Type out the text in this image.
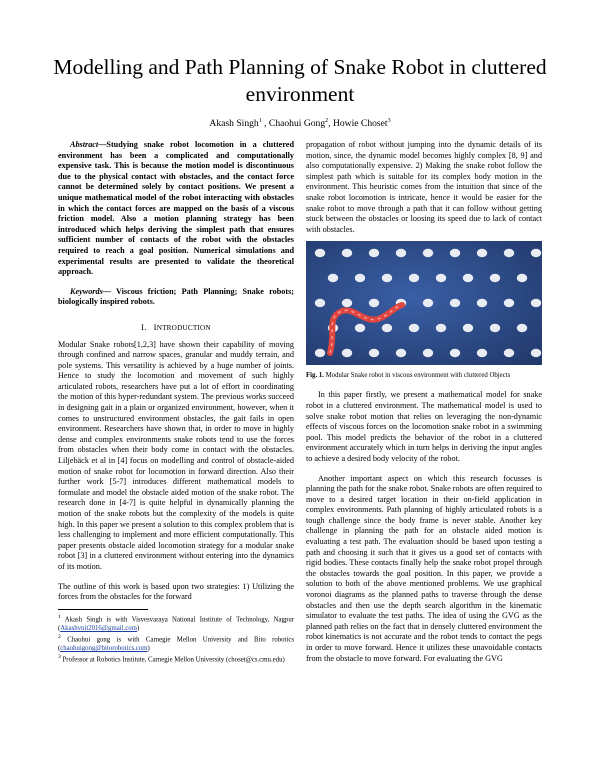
Modelling and Path Planning of Snake Robot in cluttered environment
Akash Singh$^1$ , Chaohui Gong$^2$, Howie Choset$^3$

Abstract—Studying snake robot locomotion in a cluttered environment has been a complicated and computationally expensive task. This is because the motion model is discontinuous due to the physical contact with obstacles, and the contact force cannot be determined solely by contact positions. We present a unique mathematical model of the robot interacting with obstacles in which the contact forces are mapped on the basis of a viscous friction model. Also a motion planning strategy has been introduced which helps deriving the simplest path that ensures sufficient number of contacts of the robot with the obstacles required to reach a goal position. Numerical simulations and experimental results are presented to validate the theoretical approach.

Keywords— Viscous friction; Path Planning; Snake robots; biologically inspired robots.

I. INTRODUCTION

Modular Snake robots[1,2,3] have shown their capability of moving through confined and narrow spaces, granular and muddy terrain, and pole systems. This versatility is achieved by a huge number of joints. Hence to study the locomotion and movement of such highly articulated robots, researchers have put a lot of effort in coordinating the motion of this hyper-redundant system. The previous works succeed in designing gait in a plain or organized environment, however, when it comes to unstructured environment obstacles, the gait fails in open environment. Researchers have shown that, in order to move in highly dense and complex environments snake robots tend to use the forces from obstacles when their body come in contact with the obstacles. Liljebäck et al in [4] focus on modelling and control of obstacle-aided motion of snake robot for locomotion in forward direction. Also their further work [5-7] introduces different mathematical models to formulate and model the obstacle aided motion of the snake robot. The research done in [4-7] is quite helpful in dynamically planning the motion of the snake robots but the complexity of the models is quite high. In this paper we present a solution to this complex problem that is less challenging to implement and more efficient computationally. This paper presents obstacle aided locomotion strategy for a modular snake robot [3] in a cluttered environment without entering into the dynamics of its motion.

The outline of this work is based upon two strategies: 1) Utilizing the forces from the obstacles for the forward

$^1$ Akash Singh is with Visvesvaraya National Institute of Technology, Nagpur (Akashvnit2016@gmail.com)

$^2$ Chaohui gong is with Carnegie Mellon University and Bito robotics (chaohuigong@bitorobotics.com)

$^3$ Professor at Robotics Institute, Carnegie Mellon University (choset@cs.cmu.edu)

propagation of robot without jumping into the dynamic details of its motion, since, the dynamic model becomes highly complex [8, 9] and also computationally expensive. 2) Making the snake robot follow the simplest path which is suitable for its complex body motion in the environment. This heuristic comes from the intuition that since of the snake robot locomotion is intricate, hence it would be easier for the snake robot to move through a path that it can follow without getting stuck between the obstacles or loosing its speed due to lack of contact with obstacles.

Fig. 1. Modular Snake robot in viscous environment with cluttered Objects

In this paper firstly, we present a mathematical model for snake robot in a cluttered environment. The mathematical model is used to solve snake robot motion that relies on leveraging the non-dynamic effects of viscous forces on the locomotion snake robot in a swimming pool. This model predicts the behavior of the robot in a cluttered environment accurately which in turn helps in deriving the input angles to achieve a desired body velocity of the robot.

Another important aspect on which this research focusses is planning the path for the snake robot. Snake robots are often required to move to a desired target location in their on-field application in complex environments. Path planning of highly articulated robots is a tough challenge since the body frame is never stable. Another key challenge in planning the path for an obstacle aided motion is evaluating a test path. The evaluation should be based upon testing a path and choosing it such that it gives us a good set of contacts with rigid bodies. These contacts finally help the snake robot propel through the obstacles towards the goal position. In this paper, we provide a solution to both of the above mentioned problems. We use graphical voronoi diagrams as the planned paths to traverse through the dense obstacles and then use the depth search algorithm in the kinematic simulator to evaluate the test paths. The idea of using the GVG as the planned path relies on the fact that in densely cluttered environment the robot kinematics is not accurate and the robot tends to contact the pegs in order to move forward. Hence it utilizes these unavoidable contacts from the obstacle to move forward. For evaluating the GVG
